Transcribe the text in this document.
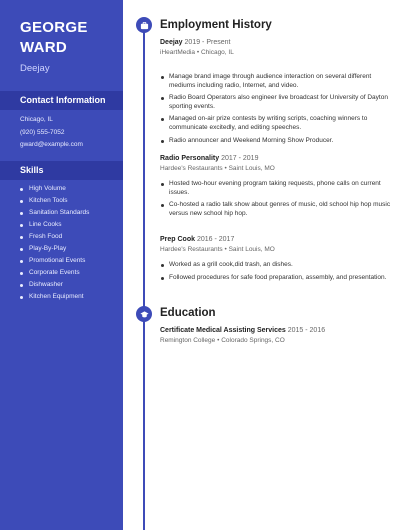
GEORGE
WARD
Deejay
Contact Information
Chicago, IL
(920) 555-7052
gward@example.com
Skills
High Volume
Kitchen Tools
Sanitation Standards
Line Cooks
Fresh Food
Play-By-Play
Promotional Events
Corporate Events
Dishwasher
Kitchen Equipment
Employment History
Deejay 2019 - Present
iHeartMedia • Chicago, IL
Manage brand image through audience interaction on several different mediums including radio, Internet, and video.
Radio Board Operators also engineer live broadcast for University of Dayton sporting events.
Managed on-air prize contests by writing scripts, coaching winners to communicate excitedly, and editing speeches.
Radio announcer and Weekend Morning Show Producer.
Radio Personality 2017 - 2019
Hardee's Restaurants • Saint Louis, MO
Hosted two-hour evening program taking requests, phone calls on current issues.
Co-hosted a radio talk show about genres of music, old school hip hop music versus new school hip hop.
Prep Cook 2016 - 2017
Hardee's Restaurants • Saint Louis, MO
Worked as a grill cook,did trash, an dishes.
Followed procedures for safe food preparation, assembly, and presentation.
Education
Certificate Medical Assisting Services 2015 - 2016
Remington College • Colorado Springs, CO
